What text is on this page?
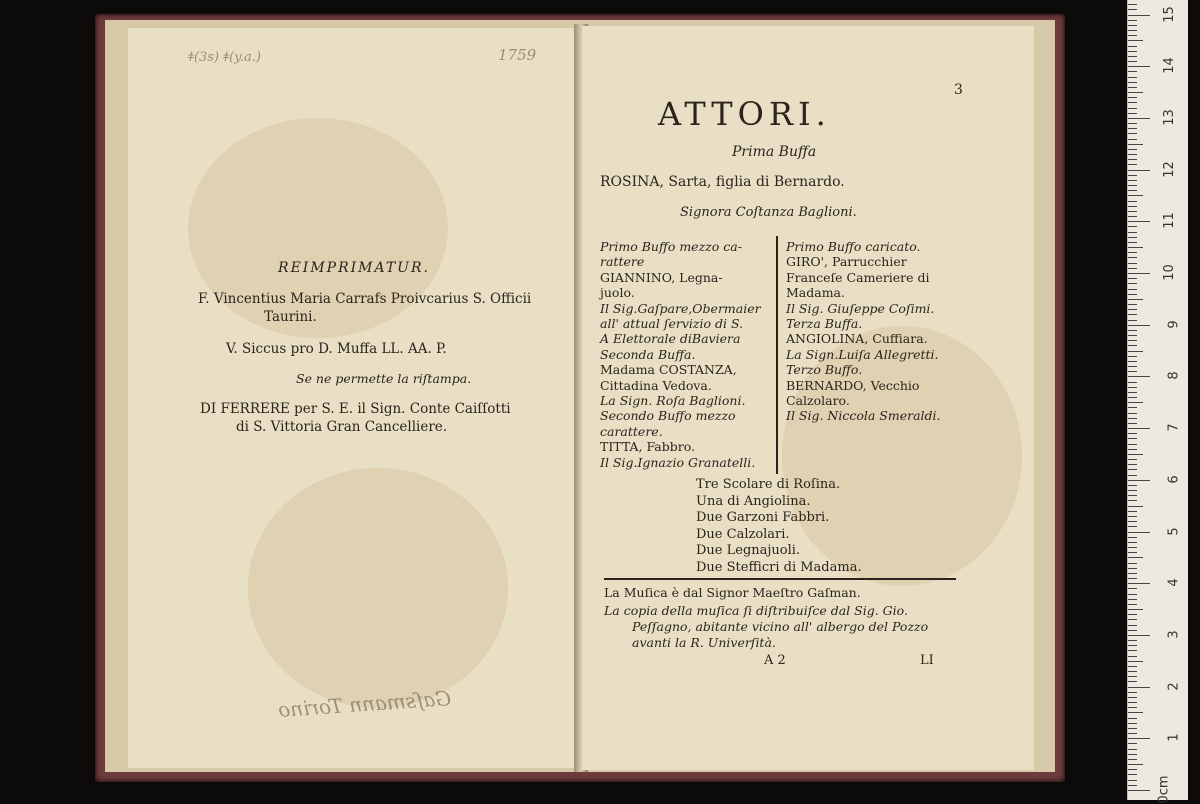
ǂ(3s) ǂ(y.a.)	1759
REIMPRIMATUR.
F. Vincentius Maria Carrafs Proivcarius S. Officii
Taurini.
V. Siccus pro D. Muffa LL. AA. P.
Se ne permette la riſtampa.
DI FERRERE per S. E. il Sign. Conte Caiſſotti
di S. Vittoria Gran Cancelliere.
Gaſsmann Torino
3
ATTORI.
Prima Buffa
ROSINA, Sarta, figlia di Bernardo.
Signora Coſtanza Baglioni.
Primo Buffo mezzo ca-
rattere
GIANNINO, Legna-
juolo.
Il Sig.Gaſpare,Obermaier
all' attual ſervizio di S.
A Elettorale diBaviera
Seconda Buffa.
Madama COSTANZA,
Cittadina Vedova.
La Sign. Roſa Baglioni.
Secondo Buffo mezzo
carattere.
TITTA, Fabbro.
Il Sig.Ignazio Granatelli.
Primo Buffo caricato.
GIRO', Parrucchier
Franceſe Cameriere di
Madama.
Il Sig. Giuſeppe Coſimi.
Terza Buffa.
ANGIOLINA, Cuffiara.
La Sign.Luiſa Allegretti.
Terzo Buffo.
BERNARDO, Vecchio
Calzolaro.
Il Sig. Niccola Smeraldi.
Tre Scolare di Roſina.
Una di Angiolina.
Due Garzoni Fabbri.
Due Calzolari.
Due Legnajuoli.
Due Stefficri di Madama.
La Muſica è dal Signor Maeſtro Gaſman.
La copia della muſica ſi diſtribuiſce dal Sig. Gio.
Peſſagno, abitante vicino all' albergo del Pozzo
avanti la R. Univerſità.
A 2	LI
0cm
1
2
3
4
5
6
7
8
9
10
11
12
13
14
15
